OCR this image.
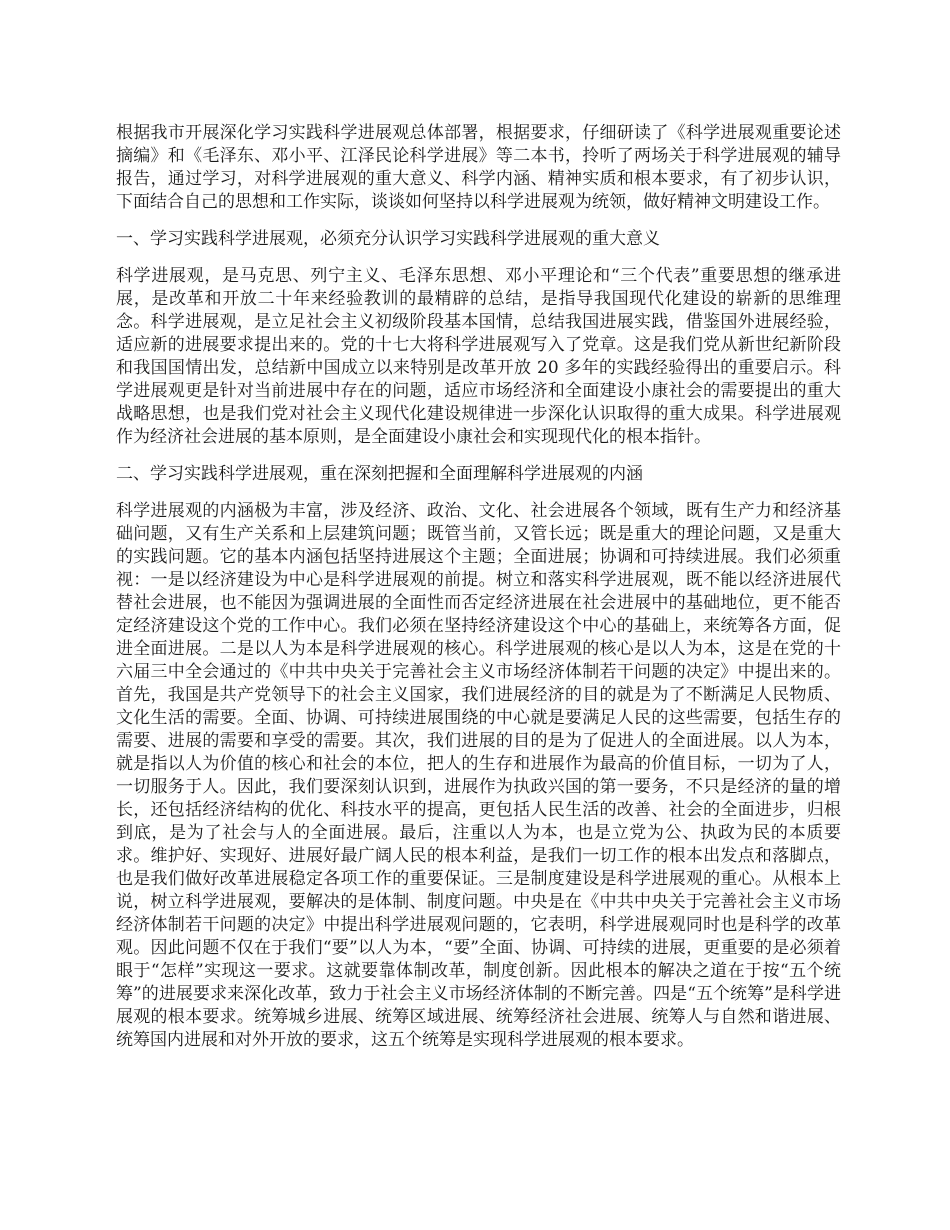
根据我市开展深化学习实践科学进展观总体部署，根据要求，仔细研读了《科学进展观重要论述摘编》和《毛泽东、邓小平、江泽民论科学进展》等二本书，拎听了两场关于科学进展观的辅导报告，通过学习，对科学进展观的重大意义、科学内涵、精神实质和根本要求，有了初步认识，下面结合自己的思想和工作实际，谈谈如何坚持以科学进展观为统领，做好精神文明建设工作。

一、学习实践科学进展观，必须充分认识学习实践科学进展观的重大意义

科学进展观，是马克思、列宁主义、毛泽东思想、邓小平理论和“三个代表”重要思想的继承进展，是改革和开放二十年来经验教训的最精辟的总结，是指导我国现代化建设的崭新的思维理念。科学进展观，是立足社会主义初级阶段基本国情，总结我国进展实践，借鉴国外进展经验，适应新的进展要求提出来的。党的十七大将科学进展观写入了党章。这是我们党从新世纪新阶段和我国国情出发，总结新中国成立以来特别是改革开放 20 多年的实践经验得出的重要启示。科学进展观更是针对当前进展中存在的问题，适应市场经济和全面建设小康社会的需要提出的重大战略思想，也是我们党对社会主义现代化建设规律进一步深化认识取得的重大成果。科学进展观作为经济社会进展的基本原则，是全面建设小康社会和实现现代化的根本指针。

二、学习实践科学进展观，重在深刻把握和全面理解科学进展观的内涵

科学进展观的内涵极为丰富，涉及经济、政治、文化、社会进展各个领域，既有生产力和经济基础问题，又有生产关系和上层建筑问题；既管当前，又管长远；既是重大的理论问题，又是重大的实践问题。它的基本内涵包括坚持进展这个主题；全面进展；协调和可持续进展。我们必须重视：一是以经济建设为中心是科学进展观的前提。树立和落实科学进展观，既不能以经济进展代替社会进展，也不能因为强调进展的全面性而否定经济进展在社会进展中的基础地位，更不能否定经济建设这个党的工作中心。我们必须在坚持经济建设这个中心的基础上，来统筹各方面，促进全面进展。二是以人为本是科学进展观的核心。科学进展观的核心是以人为本，这是在党的十六届三中全会通过的《中共中央关于完善社会主义市场经济体制若干问题的决定》中提出来的。首先，我国是共产党领导下的社会主义国家，我们进展经济的目的就是为了不断满足人民物质、文化生活的需要。全面、协调、可持续进展围绕的中心就是要满足人民的这些需要，包括生存的需要、进展的需要和享受的需要。其次，我们进展的目的是为了促进人的全面进展。以人为本，就是指以人为价值的核心和社会的本位，把人的生存和进展作为最高的价值目标，一切为了人，一切服务于人。因此，我们要深刻认识到，进展作为执政兴国的第一要务，不只是经济的量的增长，还包括经济结构的优化、科技水平的提高，更包括人民生活的改善、社会的全面进步，归根到底，是为了社会与人的全面进展。最后，注重以人为本，也是立党为公、执政为民的本质要求。维护好、实现好、进展好最广阔人民的根本利益，是我们一切工作的根本出发点和落脚点，也是我们做好改革进展稳定各项工作的重要保证。三是制度建设是科学进展观的重心。从根本上说，树立科学进展观，要解决的是体制、制度问题。中央是在《中共中央关于完善社会主义市场经济体制若干问题的决定》中提出科学进展观问题的，它表明，科学进展观同时也是科学的改革观。因此问题不仅在于我们“要”以人为本，“要”全面、协调、可持续的进展，更重要的是必须着眼于“怎样”实现这一要求。这就要靠体制改革，制度创新。因此根本的解决之道在于按“五个统筹”的进展要求来深化改革，致力于社会主义市场经济体制的不断完善。四是“五个统筹”是科学进展观的根本要求。统筹城乡进展、统筹区域进展、统筹经济社会进展、统筹人与自然和谐进展、统筹国内进展和对外开放的要求，这五个统筹是实现科学进展观的根本要求。
